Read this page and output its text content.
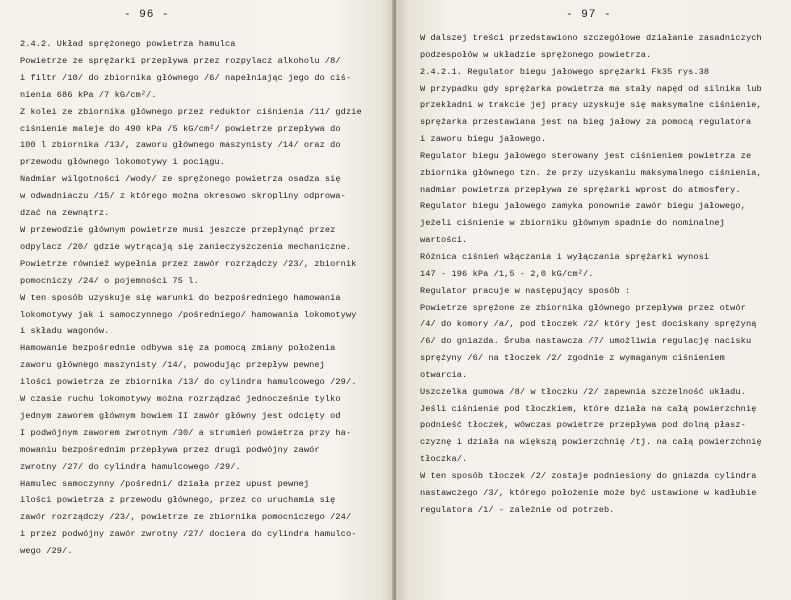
- 96 -
2.4.2. Układ sprężonego powietrza hamulca
Powietrze ze sprężarki przepływa przez rozpylacz alkoholu /8/
i filtr /10/ do zbiornika głównego /6/ napełniając jego do ciś-
nienia 686 kPa /7 kG/cm²/.
Z kolei ze zbiornika głównego przez reduktor ciśnienia /11/ gdzie
ciśnienie maleje do 490 kPa /5 kG/cm²/ powietrze przepływa do
100 l zbiornika /13/, zaworu głównego maszynisty /14/ oraz do
przewodu głównego lokomotywy i pociągu.
Nadmiar wilgotności /wody/ ze sprężonego powietrza osadza się
w odwadniaczu /15/ z którego można okresowo skropliny odprowa-
dzać na zewnątrz.
W przewodzie głównym powietrze musi jeszcze przepłynąć przez
odpylacz /20/ gdzie wytrącają się zanieczyszczenia mechaniczne.
Powietrze również wypełnia przez zawór rozrządczy /23/, zbiornik
pomocniczy /24/ o pojemności 75 l.
W ten sposób uzyskuje się warunki do bezpośredniego hamowania
lokomotywy jak i samoczynnego /pośredniego/ hamowania lokomotywy
i składu wagonów.
Hamowanie bezpośrednie odbywa się za pomocą zmiany położenia
zaworu głównego maszynisty /14/, powodując przepływ pewnej
ilości powietrza ze zbiornika /13/ do cylindra hamulcowego /29/.
W czasie ruchu lokomotywy można rozrządzać jednocześnie tylko
jednym zaworem głównym bowiem II zawór główny jest odcięty od
I podwójnym zaworem zwrotnym /30/ a strumień powietrza przy ha-
mowaniu bezpośrednim przepływa przez drugi podwójny zawór
zwrotny /27/ do cylindra hamulcowego /29/.
Hamulec samoczynny /pośredni/ działa przez upust pewnej
ilości powietrza z przewodu głównego, przez co uruchamia się
zawór rozrządczy /23/, powietrze ze zbiornika pomocniczego /24/
i przez podwójny zawór zwrotny /27/ dociera do cylindra hamulco-
wego /29/.
- 97 -
W dalszej treści przedstawiono szczegółowe działanie zasadniczych
podzespołów w układzie sprężonego powietrza.
2.4.2.1. Regulator biegu jałowego sprężarki Fk35 rys.38
W przypadku gdy sprężarka powietrza ma stały napęd od silnika lub
przekładni w trakcie jej pracy uzyskuje się maksymalne ciśnienie,
sprężarka przestawiana jest na bieg jałowy za pomocą regulatora
i zaworu biegu jałowego.
Regulator biegu jałowego sterowany jest ciśnieniem powietrza ze
zbiornika głównego tzn. że przy uzyskaniu maksymalnego ciśnienia,
nadmiar powietrza przepływa ze sprężarki wprost do atmosfery.
Regulator biegu jałowego zamyka ponownie zawór biegu jałowego,
jeżeli ciśnienie w zbiorniku głównym spadnie do nominalnej
wartości.
Różnica ciśnień włączania i wyłączania sprężarki wynosi
147 - 196 kPa /1,5 - 2,0 kG/cm²/.
Regulator pracuje w następujący sposób :
Powietrze sprężone ze zbiornika głównego przepływa przez otwór
/4/ do komory /a/, pod tłoczek /2/ który jest dociskany sprężyną
/6/ do gniazda. Śruba nastawcza /7/ umożliwia regulację nacisku
sprężyny /6/ na tłoczek /2/ zgodnie z wymaganym ciśnieniem
otwarcia.
Uszczelka gumowa /8/ w tłoczku /2/ zapewnia szczelność układu.
Jeśli ciśnienie pod tłoczkiem, które działa na całą powierzchnię
podnieść tłoczek, wówczas powietrze przepływa pod dolną płasz-
czyznę i działa na większą powierzchnię /tj. na całą powierzchnię
tłoczka/.
W ten sposób tłoczek /2/ zostaje podniesiony do gniazda cylindra
nastawczego /3/, którego położenie może być ustawione w kadłubie
regulatora /1/ - zależnie od potrzeb.
